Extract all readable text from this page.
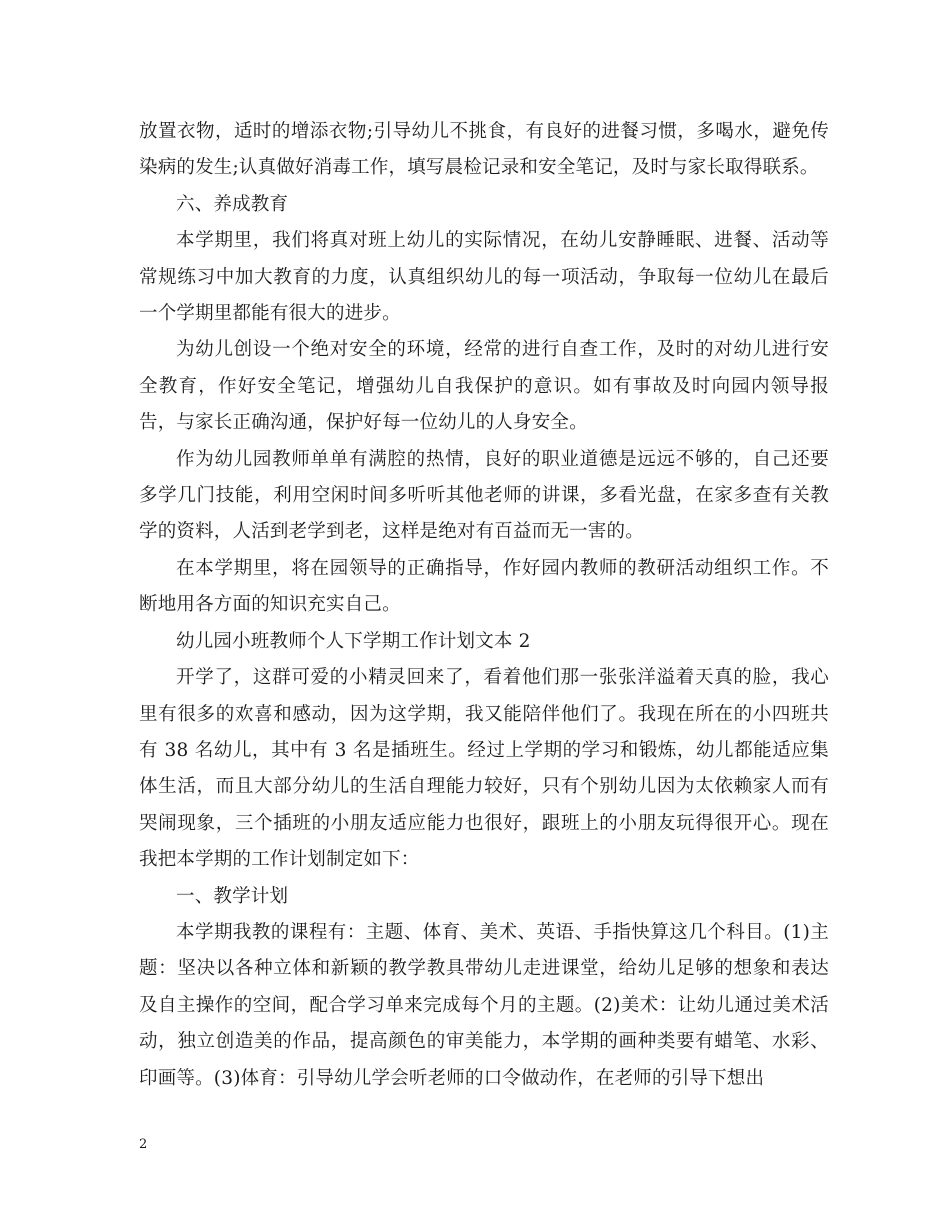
放置衣物，适时的增添衣物;引导幼儿不挑食，有良好的进餐习惯，多喝水，避免传染病的发生;认真做好消毒工作，填写晨检记录和安全笔记，及时与家长取得联系。

六、养成教育

本学期里，我们将真对班上幼儿的实际情况，在幼儿安静睡眠、进餐、活动等常规练习中加大教育的力度，认真组织幼儿的每一项活动，争取每一位幼儿在最后一个学期里都能有很大的进步。

为幼儿创设一个绝对安全的环境，经常的进行自查工作，及时的对幼儿进行安全教育，作好安全笔记，增强幼儿自我保护的意识。如有事故及时向园内领导报告，与家长正确沟通，保护好每一位幼儿的人身安全。

作为幼儿园教师单单有满腔的热情，良好的职业道德是远远不够的，自己还要多学几门技能，利用空闲时间多听听其他老师的讲课，多看光盘，在家多查有关教学的资料，人活到老学到老，这样是绝对有百益而无一害的。

在本学期里，将在园领导的正确指导，作好园内教师的教研活动组织工作。不断地用各方面的知识充实自己。

幼儿园小班教师个人下学期工作计划文本 2

开学了，这群可爱的小精灵回来了，看着他们那一张张洋溢着天真的脸，我心里有很多的欢喜和感动，因为这学期，我又能陪伴他们了。我现在所在的小四班共有 38 名幼儿，其中有 3 名是插班生。经过上学期的学习和锻炼，幼儿都能适应集体生活，而且大部分幼儿的生活自理能力较好，只有个别幼儿因为太依赖家人而有哭闹现象，三个插班的小朋友适应能力也很好，跟班上的小朋友玩得很开心。现在我把本学期的工作计划制定如下：

一、教学计划

本学期我教的课程有：主题、体育、美术、英语、手指快算这几个科目。(1)主题：坚决以各种立体和新颖的教学教具带幼儿走进课堂，给幼儿足够的想象和表达及自主操作的空间，配合学习单来完成每个月的主题。(2)美术：让幼儿通过美术活动，独立创造美的作品，提高颜色的审美能力，本学期的画种类要有蜡笔、水彩、印画等。(3)体育：引导幼儿学会听老师的口令做动作，在老师的引导下想出

2
